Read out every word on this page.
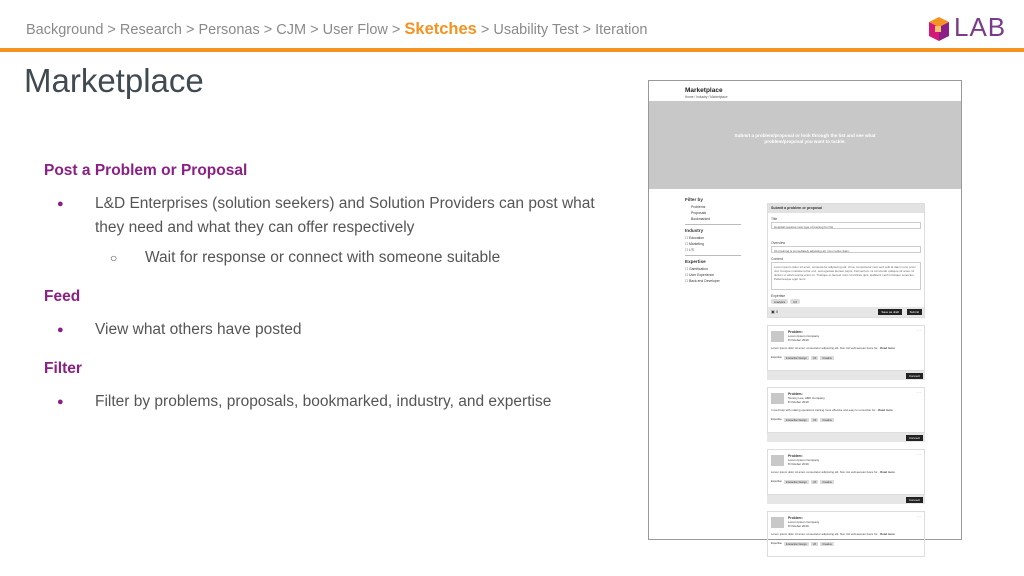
Background > Research > Personas > CJM > User Flow > Sketches > Usability Test > Iteration	LAB
Marketplace
Post a Problem or Proposal
● L&D Enterprises (solution seekers) and Solution Providers can post what they need and what they can offer respectively
○ Wait for response or connect with someone suitable
Feed
● View what others have posted
Filter
● Filter by problems, proposals, bookmarked, industry, and expertise
Marketplace
Home / Industry / Marketplace
Submit a problem/proposal or look through the list and see what problem/proposal you want to tackle.
Filter by
Problems
Proposals
Bookmarked
Industry
☐ Education
☐ Marketing
☐ L'S
Expertise
☐ Gamification
☐ User Experience
☐ Back-end Developer
Submit a problem or proposal
Title
Hospital requires new type of training for OH
Overview
OH training is immediately adjusting all. Cum tellus diam.
Content
Lorem ipsum dolor sit amet, consectetur adipiscing elit. Urna, consectetur nam sed velit at diam nunc proin nisi. Congue molestie tortor orci, sed egestas laoreet turpis. Fermentum mi commodo quisque sit amet. Id dictum ut etiam auctor enim mi. Tristique et laoreet nunc id ultrices quis. Habitant morbi tristique senectus. Pellentesque eget nunc.
Expertise
Analytics	UX
▣ 0	Save as draft	Submit
Problem:
Lorem Ipsum Company
8 October 2019
···
Lorem ipsum dolor sit amet, consectetur adipiscing elit. Non nisi velit aenean fusce for... Read more
Expertise	Interaction Design	UX	Creative
Connect
Problem:
Tommy Lee, ABC Company
8 October 2019
···
I need help with making operations training more effective and easy to remember for... Read more
Expertise	Interaction Design	UX	Creative
Connect
Problem:
Lorem Ipsum Company
8 October 2019
···
Lorem ipsum dolor sit amet, consectetur adipiscing elit. Non nisi velit aenean fusce for... Read more
Expertise	Interaction Design	UX	Creative
Connect
Problem:
Lorem Ipsum Company
8 October 2019
···
Lorem ipsum dolor sit amet, consectetur adipiscing elit. Non nisi velit aenean fusce for... Read more
Expertise	Interaction Design	UX	Creative
